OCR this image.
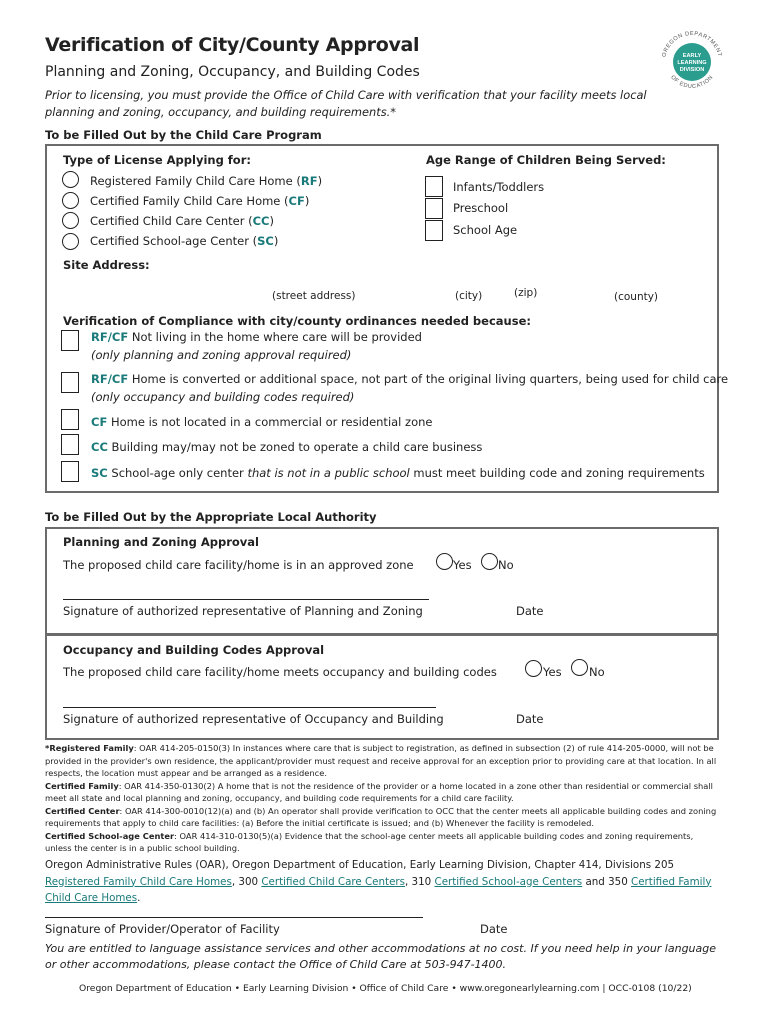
Verification of City/County Approval
Planning and Zoning, Occupancy, and Building Codes
Prior to licensing, you must provide the Office of Child Care with verification that your facility meets local planning and zoning, occupancy, and building requirements.*
OREGON DEPARTMENT
OF EDUCATION
EARLY
LEARNING
DIVISION
To be Filled Out by the Child Care Program
Type of License Applying for:	Age Range of Children Being Served:
Registered Family Child Care Home (RF)
Certified Family Child Care Home (CF)
Certified Child Care Center (CC)
Certified School-age Center (SC)
Infants/Toddlers
Preschool
School Age
Site Address:
(street address)	(city)	(zip)	(county)
Verification of Compliance with city/county ordinances needed because:
RF/CF Not living in the home where care will be provided
(only planning and zoning approval required)
RF/CF Home is converted or additional space, not part of the original living quarters, being used for child care
(only occupancy and building codes required)
CF Home is not located in a commercial or residential zone
CC Building may/may not be zoned to operate a child care business
SC School-age only center that is not in a public school must meet building code and zoning requirements
To be Filled Out by the Appropriate Local Authority
Planning and Zoning Approval
The proposed child care facility/home is in an approved zone	Yes No
Signature of authorized representative of Planning and Zoning	Date
Occupancy and Building Codes Approval
The proposed child care facility/home meets occupancy and building codes	Yes No
Signature of authorized representative of Occupancy and Building	Date
*Registered Family: OAR 414-205-0150(3) In instances where care that is subject to registration, as defined in subsection (2) of rule 414-205-0000, will not be provided in the provider's own residence, the applicant/provider must request and receive approval for an exception prior to providing care at that location. In all respects, the location must appear and be arranged as a residence.
Certified Family: OAR 414-350-0130(2) A home that is not the residence of the provider or a home located in a zone other than residential or commercial shall meet all state and local planning and zoning, occupancy, and building code requirements for a child care facility.
Certified Center: OAR 414-300-0010(12)(a) and (b) An operator shall provide verification to OCC that the center meets all applicable building codes and zoning requirements that apply to child care facilities: (a) Before the initial certificate is issued; and (b) Whenever the facility is remodeled.
Certified School-age Center: OAR 414-310-0130(5)(a) Evidence that the school-age center meets all applicable building codes and zoning requirements, unless the center is in a public school building.
Oregon Administrative Rules (OAR), Oregon Department of Education, Early Learning Division, Chapter 414, Divisions 205 Registered Family Child Care Homes, 300 Certified Child Care Centers, 310 Certified School-age Centers and 350 Certified Family Child Care Homes.
Signature of Provider/Operator of Facility	Date
You are entitled to language assistance services and other accommodations at no cost. If you need help in your language or other accommodations, please contact the Office of Child Care at 503-947-1400.
Oregon Department of Education • Early Learning Division • Office of Child Care • www.oregonearlylearning.com | OCC-0108 (10/22)
